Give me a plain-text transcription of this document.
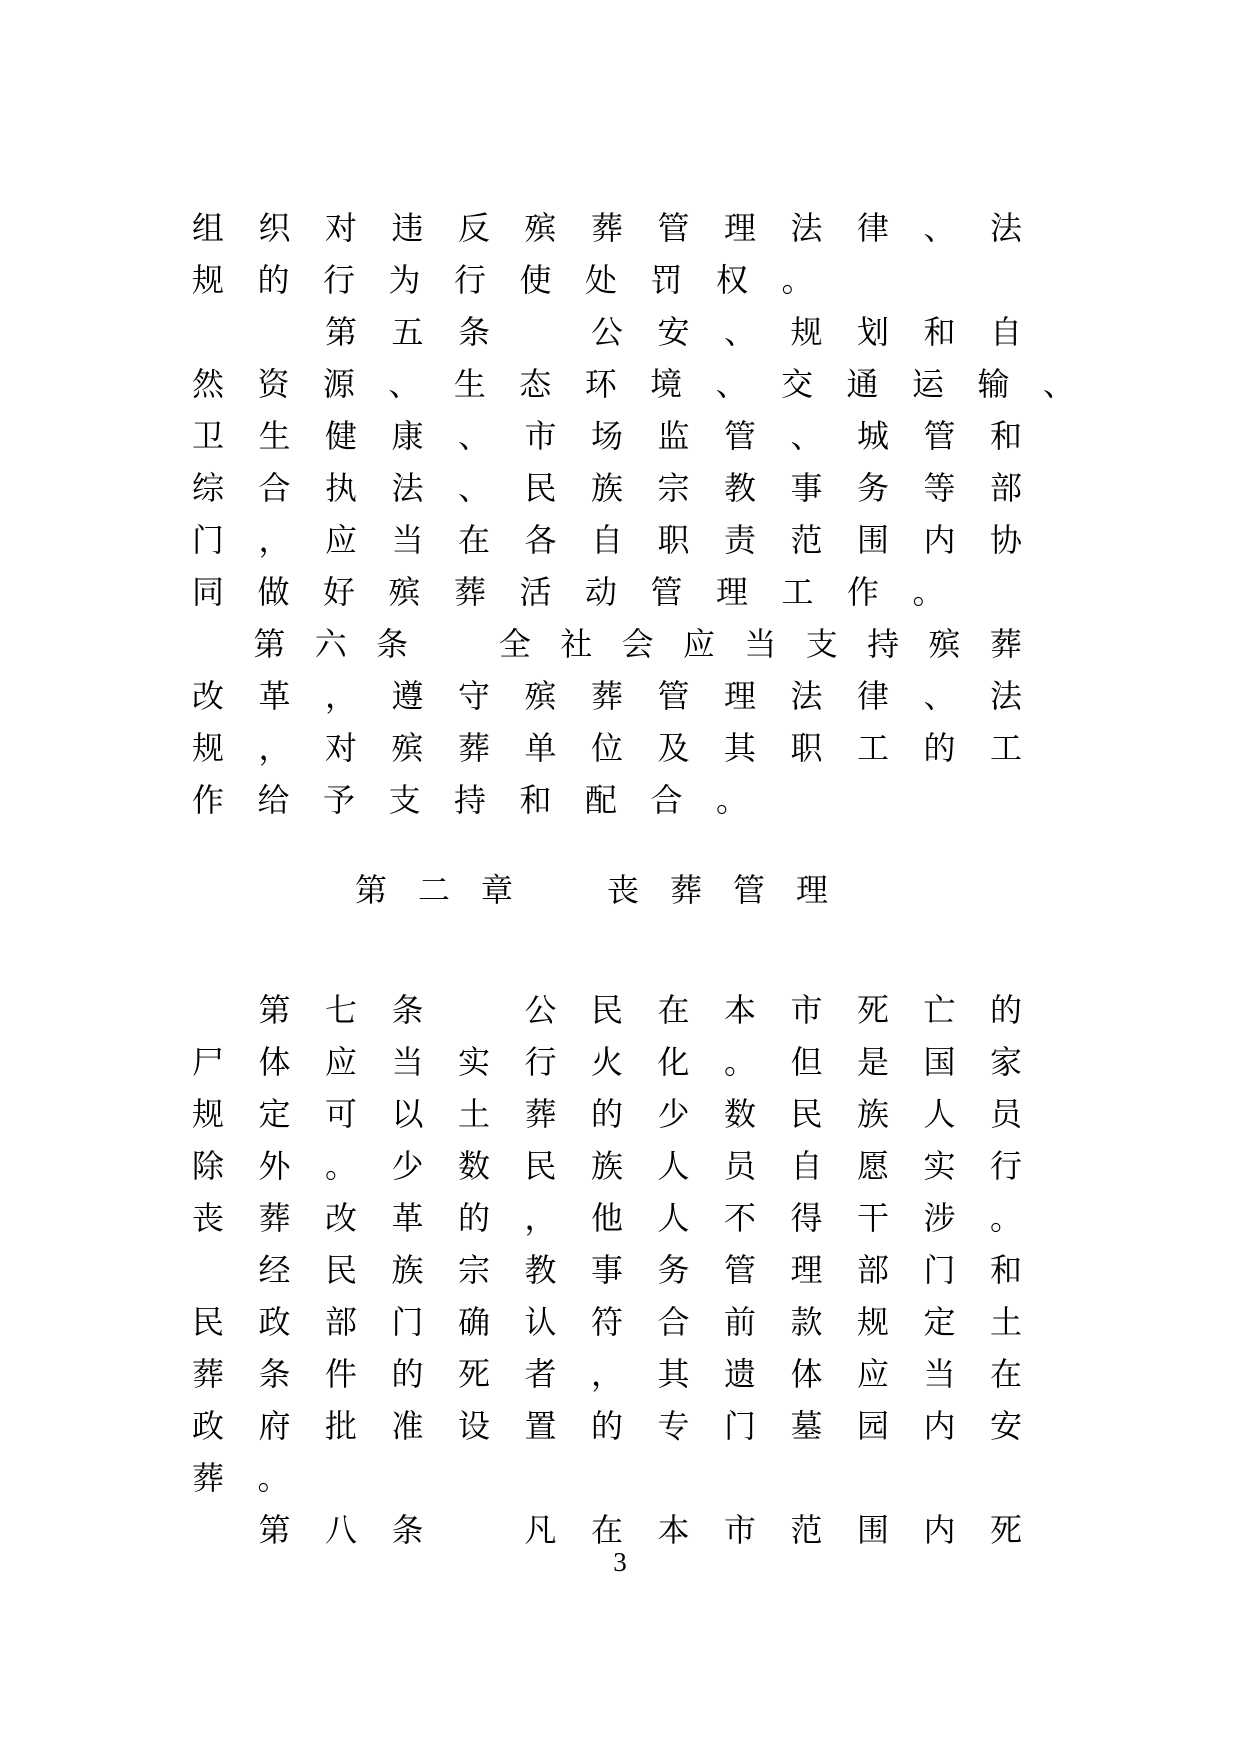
组 织 对 违 反 殡 葬 管 理 法 律 、 法
规	的	行	为	行	使	处	罚	权	。
第 五 条	公 安 、 规 划 和 自
然 资 源 、 生 态 环 境 、 交 通 运 输 、
卫 生 健 康 、 市 场 监 管 、 城 管 和
综 合 执 法 、 民 族 宗 教 事 务 等 部
门 ， 应 当 在 各 自 职 责 范 围 内 协
同	做	好	殡	葬	活	动	管	理	工	作	。
第 六 条	全 社 会 应 当 支 持 殡 葬
改 革 ， 遵 守 殡 葬 管 理 法 律 、 法
规 ， 对 殡 葬 单 位 及 其 职 工 的 工
作	给	予	支	持	和	配	合	。
第 二 章	丧 葬 管 理
第 七 条	公 民 在 本 市 死 亡 的
尸 体 应 当 实 行 火 化 。 但 是 国 家
规 定 可 以 土 葬 的 少 数 民 族 人 员
除 外 。 少 数 民 族 人 员 自 愿 实 行
丧 葬 改 革 的 ， 他 人 不 得 干 涉 。
经 民 族 宗 教 事 务 管 理 部 门 和
民 政 部 门 确 认 符 合 前 款 规 定 土
葬 条 件 的 死 者 ， 其 遗 体 应 当 在
政 府 批 准 设 置 的 专 门 墓 园 内 安
葬	。
第 八 条	凡 在 本 市 范 围 内 死
3
